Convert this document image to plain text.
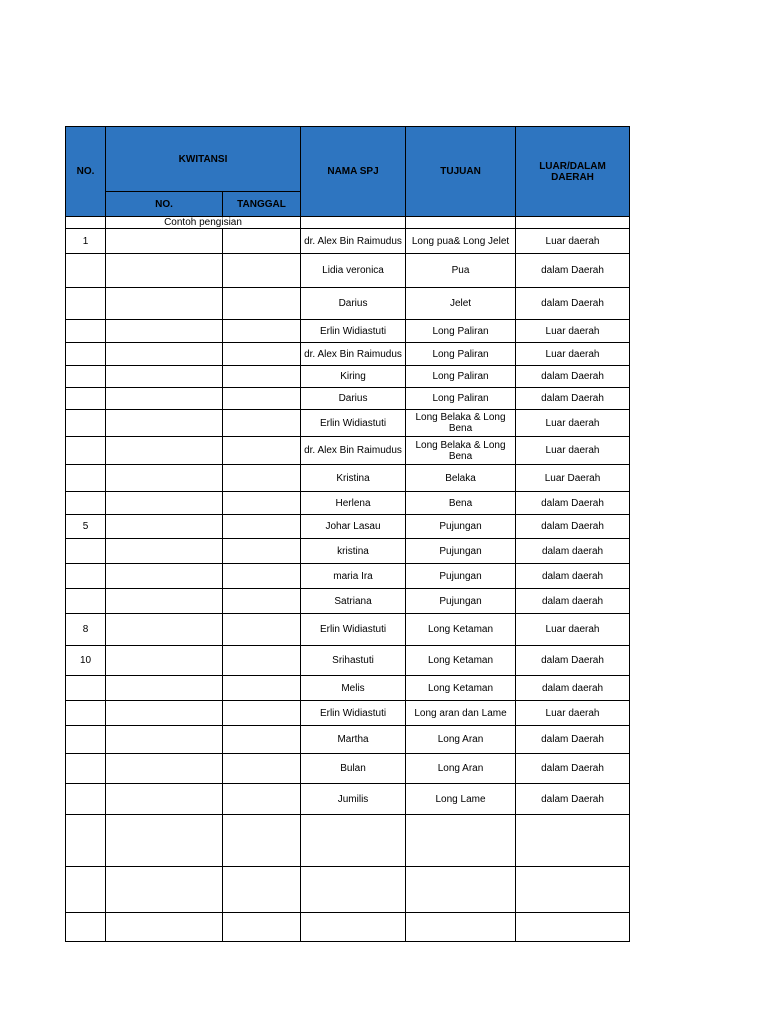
NO.	KWITANSI		NAMA SPJ	TUJUAN	LUAR/DALAM DAERAH
	NO.	TANGGAL			
	Contoh pengisian				
1			dr. Alex Bin Raimudus	Long pua& Long Jelet	Luar daerah
			Lidia veronica	Pua	dalam Daerah
			Darius	Jelet	dalam Daerah
			Erlin Widiastuti	Long Paliran	Luar daerah
			dr. Alex Bin Raimudus	Long Paliran	Luar daerah
			Kiring	Long Paliran	dalam Daerah
			Darius	Long Paliran	dalam Daerah
			Erlin Widiastuti	Long Belaka & Long Bena	Luar daerah
			dr. Alex Bin Raimudus	Long Belaka & Long Bena	Luar daerah
			Kristina	Belaka	Luar Daerah
			Herlena	Bena	dalam Daerah
5			Johar Lasau	Pujungan	dalam Daerah
			kristina	Pujungan	dalam daerah
			maria Ira	Pujungan	dalam daerah
			Satriana	Pujungan	dalam daerah
8			Erlin Widiastuti	Long Ketaman	Luar daerah
10			Srihastuti	Long Ketaman	dalam Daerah
			Melis	Long Ketaman	dalam daerah
			Erlin Widiastuti	Long aran dan Lame	Luar daerah
			Martha	Long Aran	dalam Daerah
			Bulan	Long Aran	dalam Daerah
			Jumilis	Long Lame	dalam Daerah
